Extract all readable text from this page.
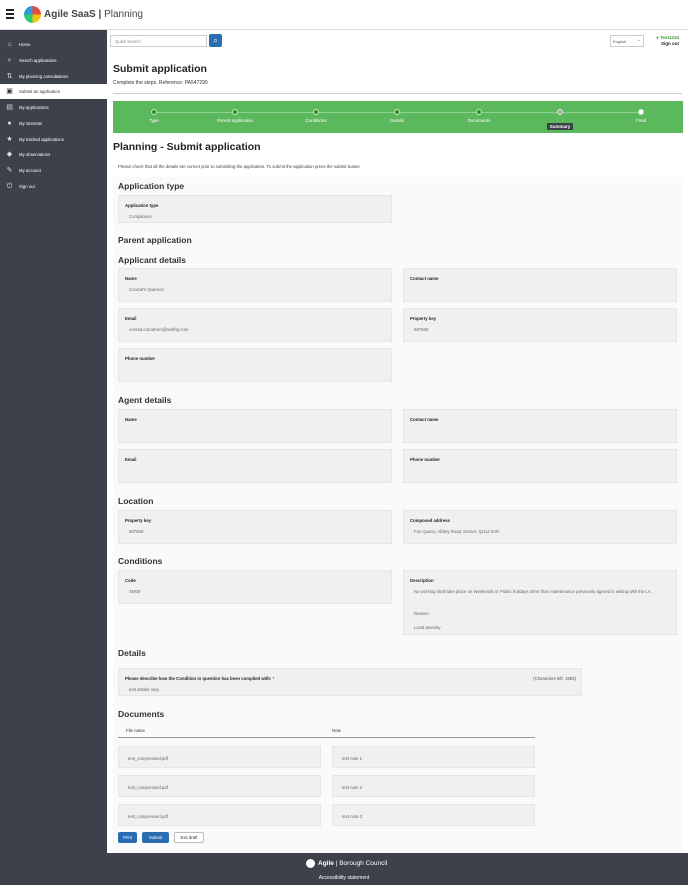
Agile SaaS | Planning
⌂	Home
⌕	Search applications
⇅	My planning consultations
▣ Submit an application
▤ My applications
●	My interests
★	My tracked applications
◆	My observations
✎	My account
⏻	Sign out
Quick Search	⌕	English ⌄	● Test1234
Sign out
Submit application
Complete the steps. Reference: PA547290
Type	Parent application	Conditions	Details	Documents
Summary
Final
Planning - Submit application
Please check that all the details are correct prior to submitting the application. To submit the application press the submit button
Application type
Application type
Compliance
Parent application
Applicant details
Name
Conrad's Quarries
Contact name
Email
conrad.carruthers@swiftig.com
Property key
587668
Phone number
Agent details
Name	Contact name
Email	Phone number
Location
Property key
587668
Composed address
Fox Quarry, Abbey Road, Dorset, QU14 0AR
Conditions
Code
SM05
Description
No working shall take place on Weekends or Public holidays other than maintenance previously agreed in writing with the LA.
Reason
Local amenity
Details
Please describe how the Condition in question has been complied with: *	(Characters left: 1983)
test details step
Documents
File name	Note
test_compressed.pdf	test note 1
test_compressed.pdf	test note 2
test_compressed.pdf	test note 3
Print	Submit	Exit draft
Agile | Borough Council
Accessibility statement
